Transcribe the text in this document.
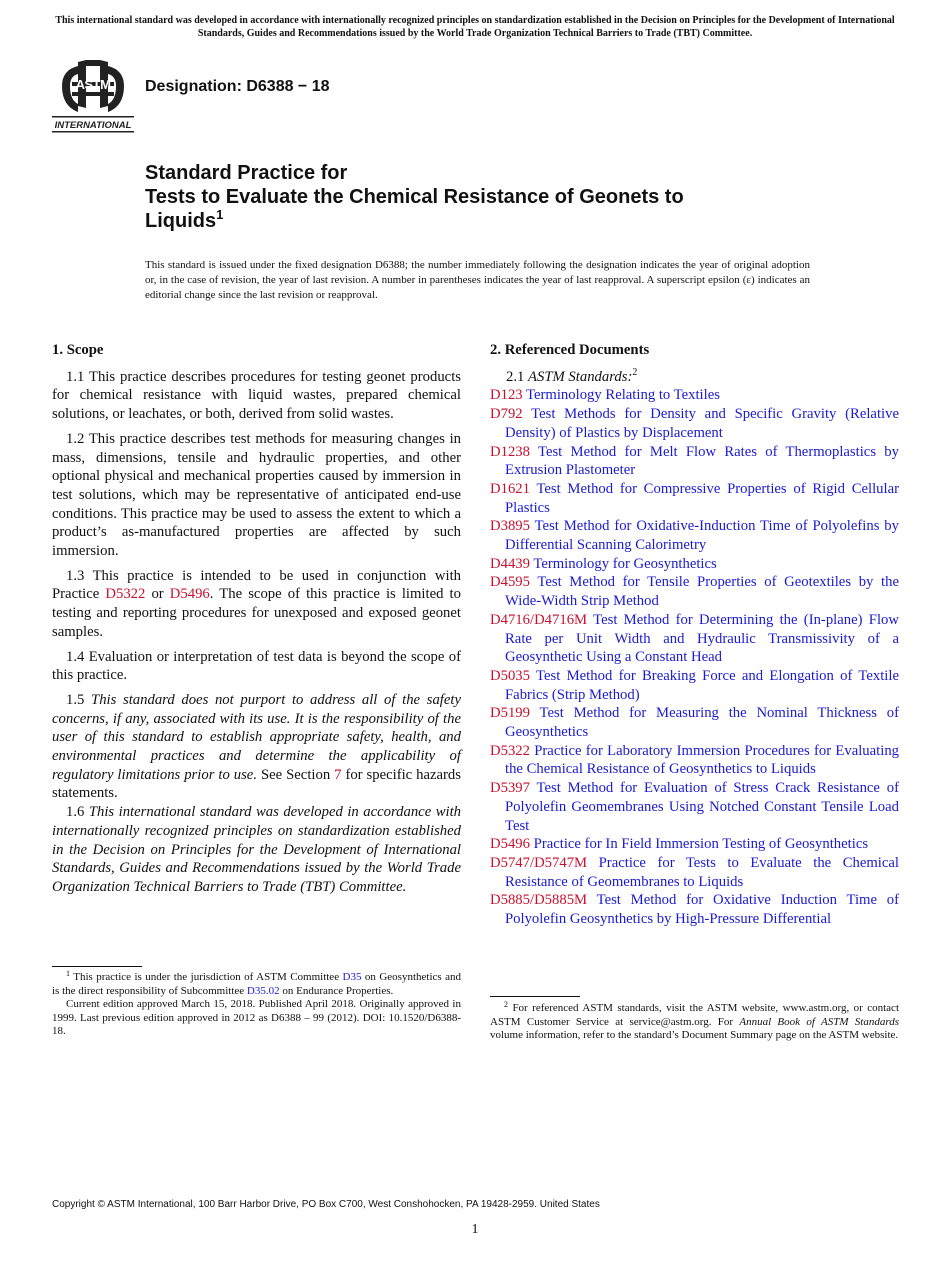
This international standard was developed in accordance with internationally recognized principles on standardization established in the Decision on Principles for the Development of International Standards, Guides and Recommendations issued by the World Trade Organization Technical Barriers to Trade (TBT) Committee.
ASTM
INTERNATIONAL
Designation: D6388 − 18
Standard Practice for
Tests to Evaluate the Chemical Resistance of Geonets to
Liquids$^1$
This standard is issued under the fixed designation D6388; the number immediately following the designation indicates the year of original adoption or, in the case of revision, the year of last revision. A number in parentheses indicates the year of last reapproval. A superscript epsilon (ε) indicates an editorial change since the last revision or reapproval.
1. Scope

1.1 This practice describes procedures for testing geonet products for chemical resistance with liquid wastes, prepared chemical solutions, or leachates, or both, derived from solid wastes.

1.2 This practice describes test methods for measuring changes in mass, dimensions, tensile and hydraulic properties, and other optional physical and mechanical properties caused by immersion in test solutions, which may be representative of anticipated end-use conditions. This practice may be used to assess the extent to which a product’s as-manufactured properties are affected by such immersion.

1.3 This practice is intended to be used in conjunction with Practice D5322 or D5496. The scope of this practice is limited to testing and reporting procedures for unexposed and exposed geonet samples.

1.4 Evaluation or interpretation of test data is beyond the scope of this practice.

1.5 This standard does not purport to address all of the safety concerns, if any, associated with its use. It is the responsibility of the user of this standard to establish appropriate safety, health, and environmental practices and determine the applicability of regulatory limitations prior to use. See Section 7 for specific hazards statements.

1.6 This international standard was developed in accordance with internationally recognized principles on standardization established in the Decision on Principles for the Development of International Standards, Guides and Recommendations issued by the World Trade Organization Technical Barriers to Trade (TBT) Committee.

2. Referenced Documents
2.1 ASTM Standards:$^2$
D123 Terminology Relating to Textiles
D792 Test Methods for Density and Specific Gravity (Relative Density) of Plastics by Displacement
D1238 Test Method for Melt Flow Rates of Thermoplastics by Extrusion Plastometer
D1621 Test Method for Compressive Properties of Rigid Cellular Plastics
D3895 Test Method for Oxidative-Induction Time of Polyolefins by Differential Scanning Calorimetry
D4439 Terminology for Geosynthetics
D4595 Test Method for Tensile Properties of Geotextiles by the Wide-Width Strip Method
D4716/D4716M Test Method for Determining the (In-plane) Flow Rate per Unit Width and Hydraulic Transmissivity of a Geosynthetic Using a Constant Head
D5035 Test Method for Breaking Force and Elongation of Textile Fabrics (Strip Method)
D5199 Test Method for Measuring the Nominal Thickness of Geosynthetics
D5322 Practice for Laboratory Immersion Procedures for Evaluating the Chemical Resistance of Geosynthetics to Liquids
D5397 Test Method for Evaluation of Stress Crack Resistance of Polyolefin Geomembranes Using Notched Constant Tensile Load Test
D5496 Practice for In Field Immersion Testing of Geosynthetics
D5747/D5747M Practice for Tests to Evaluate the Chemical Resistance of Geomembranes to Liquids
D5885/D5885M Test Method for Oxidative Induction Time of Polyolefin Geosynthetics by High-Pressure Differential

$^1$ This practice is under the jurisdiction of ASTM Committee D35 on Geosynthetics and is the direct responsibility of Subcommittee D35.02 on Endurance Properties.

Current edition approved March 15, 2018. Published April 2018. Originally approved in 1999. Last previous edition approved in 2012 as D6388 – 99 (2012). DOI: 10.1520/D6388-18.

$^2$ For referenced ASTM standards, visit the ASTM website, www.astm.org, or contact ASTM Customer Service at service@astm.org. For Annual Book of ASTM Standards volume information, refer to the standard’s Document Summary page on the ASTM website.

Copyright © ASTM International, 100 Barr Harbor Drive, PO Box C700, West Conshohocken, PA 19428-2959. United States
1
